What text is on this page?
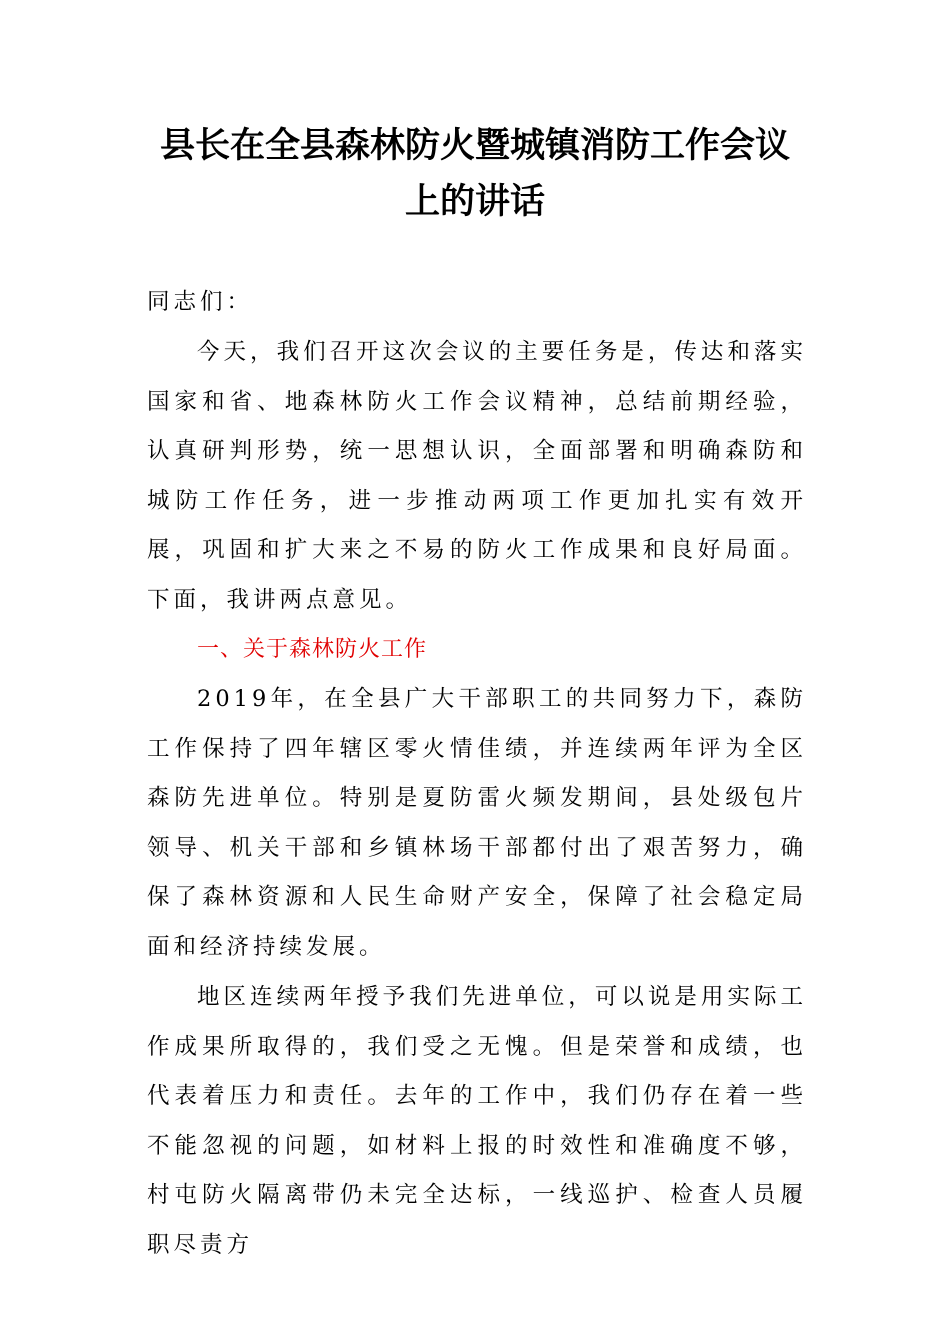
县长在全县森林防火暨城镇消防工作会议
上的讲话
同志们：

今天，我们召开这次会议的主要任务是，传达和落实国家和省、地森林防火工作会议精神，总结前期经验，认真研判形势，统一思想认识，全面部署和明确森防和城防工作任务，进一步推动两项工作更加扎实有效开展，巩固和扩大来之不易的防火工作成果和良好局面。下面，我讲两点意见。

一、关于森林防火工作

2019年，在全县广大干部职工的共同努力下，森防工作保持了四年辖区零火情佳绩，并连续两年评为全区森防先进单位。特别是夏防雷火频发期间，县处级包片领导、机关干部和乡镇林场干部都付出了艰苦努力，确保了森林资源和人民生命财产安全，保障了社会稳定局面和经济持续发展。

地区连续两年授予我们先进单位，可以说是用实际工作成果所取得的，我们受之无愧。但是荣誉和成绩，也代表着压力和责任。去年的工作中，我们仍存在着一些不能忽视的问题，如材料上报的时效性和准确度不够，村屯防火隔离带仍未完全达标，一线巡护、检查人员履职尽责方
